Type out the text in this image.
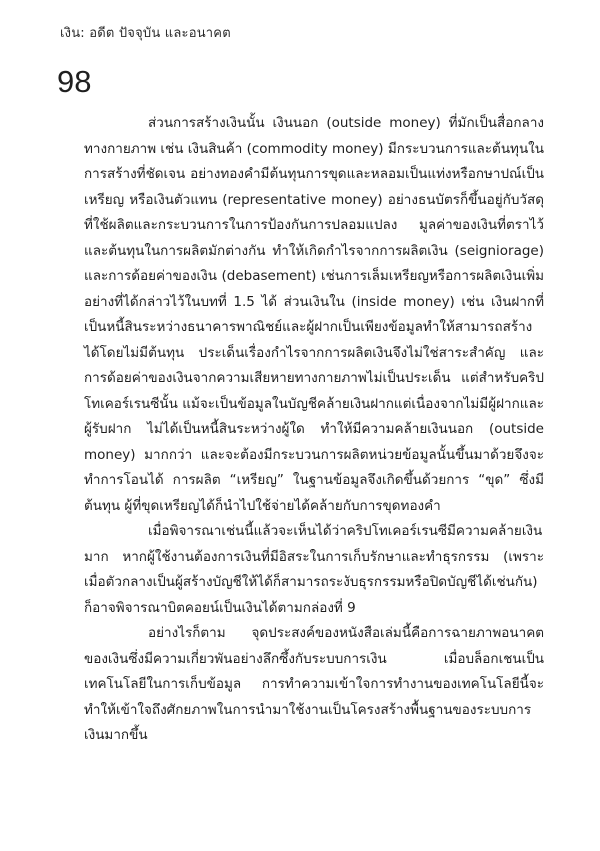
เงิน: อดีต ปัจจุบัน และอนาคต
98

ส่วนการสร้างเงินนั้น เงินนอก (outside money) ที่มักเป็นสื่อกลางทางกายภาพ เช่น เงินสินค้า (commodity money) มีกระบวนการและต้นทุนในการสร้างที่ชัดเจน อย่างทองคำมีต้นทุนการขุดและหลอมเป็นแท่งหรือกษาปณ์เป็นเหรียญ หรือเงินตัวแทน (representative money) อย่างธนบัตรก็ขึ้นอยู่กับวัสดุที่ใช้ผลิตและกระบวนการในการป้องกันการปลอมแปลง มูลค่าของเงินที่ตราไว้และต้นทุนในการผลิตมักต่างกัน ทำให้เกิดกำไรจากการผลิตเงิน (seigniorage) และการด้อยค่าของเงิน (debasement) เช่นการเล็มเหรียญหรือการผลิตเงินเพิ่มอย่างที่ได้กล่าวไว้ในบทที่ 1.5 ได้ ส่วนเงินใน (inside money) เช่น เงินฝากที่เป็นหนี้สินระหว่างธนาคารพาณิชย์และผู้ฝากเป็นเพียงข้อมูลทำให้สามารถสร้างได้โดยไม่มีต้นทุน ประเด็นเรื่องกำไรจากการผลิตเงินจึงไม่ใช่สาระสำคัญ และการด้อยค่าของเงินจากความเสียหายทางกายภาพไม่เป็นประเด็น แต่สำหรับคริปโทเคอร์เรนซีนั้น แม้จะเป็นข้อมูลในบัญชีคล้ายเงินฝากแต่เนื่องจากไม่มีผู้ฝากและผู้รับฝาก ไม่ได้เป็นหนี้สินระหว่างผู้ใด ทำให้มีความคล้ายเงินนอก (outside money) มากกว่า และจะต้องมีกระบวนการผลิตหน่วยข้อมูลนั้นขึ้นมาด้วยจึงจะทำการโอนได้ การผลิต “เหรียญ” ในฐานข้อมูลจึงเกิดขึ้นด้วยการ “ขุด” ซึ่งมีต้นทุน ผู้ที่ขุดเหรียญได้ก็นำไปใช้จ่ายได้คล้ายกับการขุดทองคำ

เมื่อพิจารณาเช่นนี้แล้วจะเห็นได้ว่าคริปโทเคอร์เรนซีมีความคล้ายเงินมาก หากผู้ใช้งานต้องการเงินที่มีอิสระในการเก็บรักษาและทำธุรกรรม (เพราะเมื่อตัวกลางเป็นผู้สร้างบัญชีให้ได้ก็สามารถระงับธุรกรรมหรือปิดบัญชีได้เช่นกัน) ก็อาจพิจารณาบิตคอยน์เป็นเงินได้ตามกล่องที่ 9

อย่างไรก็ตาม จุดประสงค์ของหนังสือเล่มนี้คือการฉายภาพอนาคตของเงินซึ่งมีความเกี่ยวพันอย่างลึกซึ้งกับระบบการเงิน เมื่อบล็อกเชนเป็นเทคโนโลยีในการเก็บข้อมูล การทำความเข้าใจการทำงานของเทคโนโลยีนี้จะทำให้เข้าใจถึงศักยภาพในการนำมาใช้งานเป็นโครงสร้างพื้นฐานของระบบการเงินมากขึ้น
